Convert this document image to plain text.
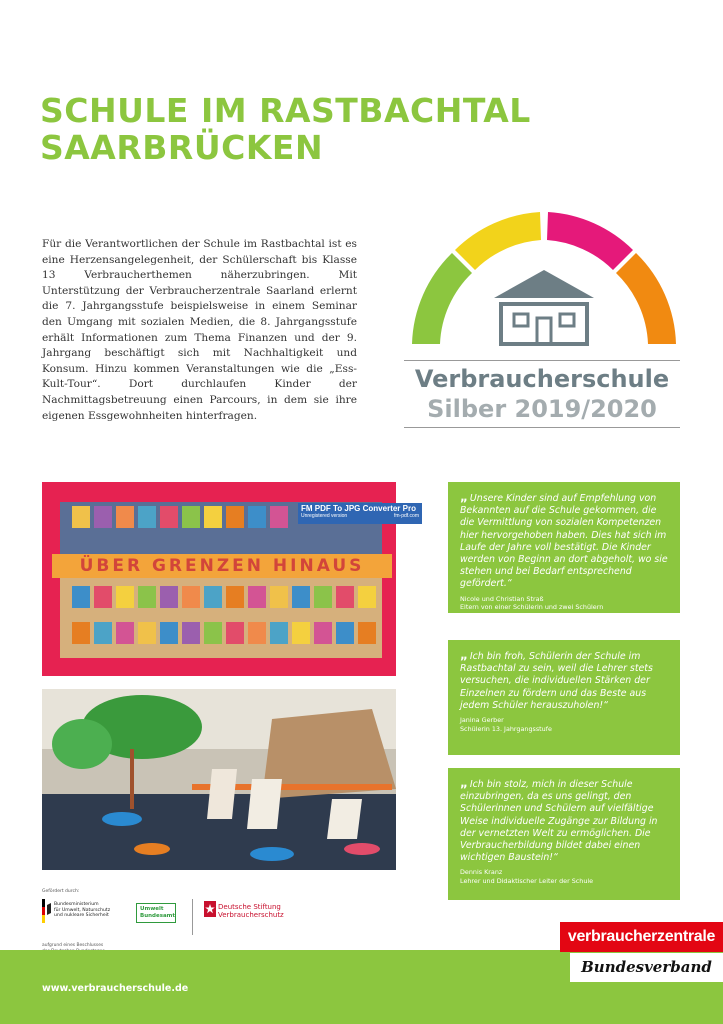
SCHULE IM RASTBACHTAL
SAARBRÜCKEN

Für die Verantwortlichen der Schule im Rastbachtal ist es eine Herzensangelegenheit, der Schülerschaft bis Klasse 13 Verbraucherthemen näherzubringen. Mit Unterstützung der Verbraucherzentrale Saarland erlernt die 7. Jahrgangsstufe beispielsweise in einem Seminar den Umgang mit sozialen Medien, die 8. Jahrgangsstufe erhält Informationen zum Thema Finanzen und der 9. Jahrgang beschäftigt sich mit Nachhaltigkeit und Konsum. Hinzu kommen Veranstaltungen wie die „Ess-Kult-Tour“. Dort durchlaufen Kinder der Nachmittagsbetreuung einen Parcours, in dem sie ihre eigenen Essgewohnheiten hinterfragen.

Verbraucherschule
Silber 2019/2020
ÜBER GRENZEN HINAUS
FM PDF To JPG Converter Pro
Unregistered version	fm-pdf.com

„ Unsere Kinder sind auf Empfehlung von Bekannten auf die Schule gekommen, die die Vermittlung von sozialen Kompetenzen hier hervorgehoben haben. Dies hat sich im Laufe der Jahre voll bestätigt. Die Kinder werden von Beginn an dort abgeholt, wo sie stehen und bei Bedarf entsprechend gefördert.“

Nicole und Christian Straß
Eltern von einer Schülerin und zwei Schülern

„ Ich bin froh, Schülerin der Schule im Rastbachtal zu sein, weil die Lehrer stets versuchen, die individuellen Stärken der Einzelnen zu fördern und das Beste aus jedem Schüler herauszuholen!“

Janina Gerber
Schülerin 13. Jahrgangsstufe

„ Ich bin stolz, mich in dieser Schule einzubringen, da es uns gelingt, den Schülerinnen und Schülern auf vielfältige Weise individuelle Zugänge zur Bildung in der vernetzten Welt zu ermöglichen. Die Verbraucherbildung bildet dabei einen wichtigen Baustein!“

Dennis Kranz
Lehrer und Didaktischer Leiter der Schule

Gefördert durch:
Bundesministerium
für Umwelt, Naturschutz
und nukleare Sicherheit
aufgrund eines Beschlusses
Umwelt
Bundesamt
Deutsche Stiftung
Verbraucherschutz
www.verbraucherschule.de
verbraucherzentrale
Bundesverband
